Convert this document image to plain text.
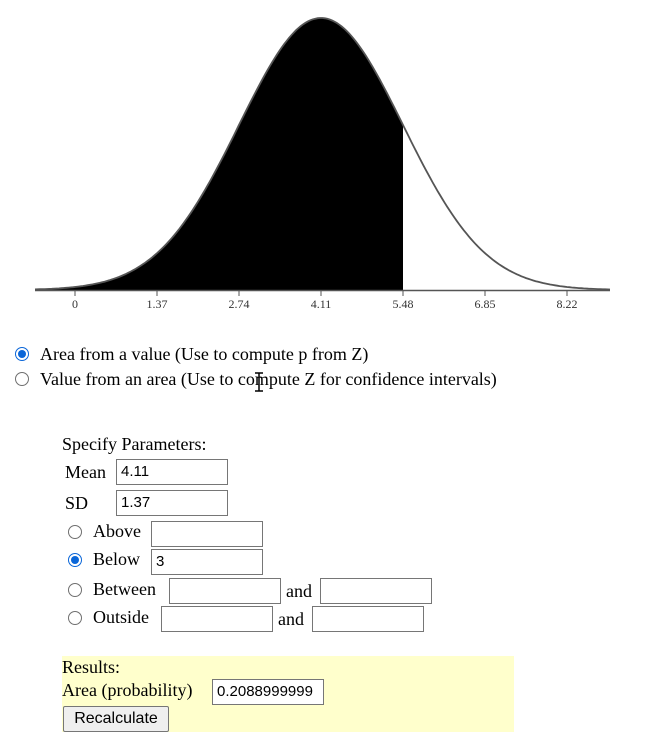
0	1.37	2.74	4.11	5.48	6.85	8.22
Area from a value (Use to compute p from Z)
Value from an area (Use to compute Z for confidence intervals)
Specify Parameters:
Mean	4.11
SD	1.37
Above
Below	3
Between	and
Outside	and
Results:
Area (probability)	0.2088999999
Recalculate
